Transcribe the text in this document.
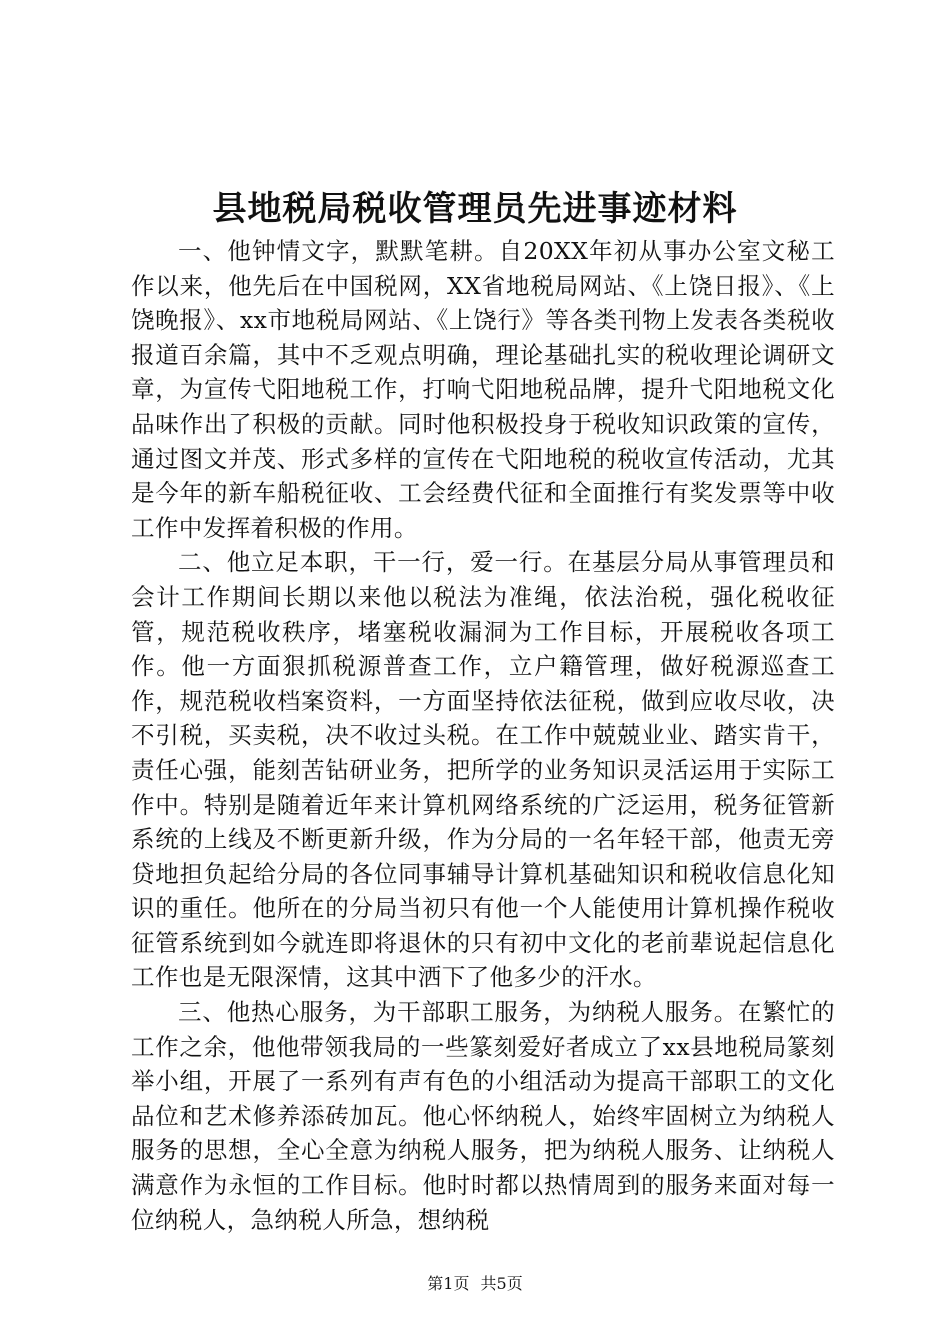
县地税局税收管理员先进事迹材料

一、他钟情文字，默默笔耕。自20XX年初从事办公室文秘工作以来，他先后在中国税网，XX省地税局网站、《上饶日报》、《上饶晚报》、xx市地税局网站、《上饶行》等各类刊物上发表各类税收报道百余篇，其中不乏观点明确，理论基础扎实的税收理论调研文章，为宣传弋阳地税工作，打响弋阳地税品牌，提升弋阳地税文化品味作出了积极的贡献。同时他积极投身于税收知识政策的宣传，通过图文并茂、形式多样的宣传在弋阳地税的税收宣传活动，尤其是今年的新车船税征收、工会经费代征和全面推行有奖发票等中收工作中发挥着积极的作用。

二、他立足本职，干一行，爱一行。在基层分局从事管理员和会计工作期间长期以来他以税法为准绳，依法治税，强化税收征管，规范税收秩序，堵塞税收漏洞为工作目标，开展税收各项工作。他一方面狠抓税源普查工作，立户籍管理，做好税源巡查工作，规范税收档案资料，一方面坚持依法征税，做到应收尽收，决不引税，买卖税，决不收过头税。在工作中兢兢业业、踏实肯干，责任心强，能刻苦钻研业务，把所学的业务知识灵活运用于实际工作中。特别是随着近年来计算机网络系统的广泛运用，税务征管新系统的上线及不断更新升级，作为分局的一名年轻干部，他责无旁贷地担负起给分局的各位同事辅导计算机基础知识和税收信息化知识的重任。他所在的分局当初只有他一个人能使用计算机操作税收征管系统到如今就连即将退休的只有初中文化的老前辈说起信息化工作也是无限深情，这其中洒下了他多少的汗水。

三、他热心服务，为干部职工服务，为纳税人服务。在繁忙的工作之余，他他带领我局的一些篆刻爱好者成立了xx县地税局篆刻举小组，开展了一系列有声有色的小组活动为提高干部职工的文化品位和艺术修养添砖加瓦。他心怀纳税人，始终牢固树立为纳税人服务的思想，全心全意为纳税人服务，把为纳税人服务、让纳税人满意作为永恒的工作目标。他时时都以热情周到的服务来面对每一位纳税人，急纳税人所急，想纳税

第1页 共5页
